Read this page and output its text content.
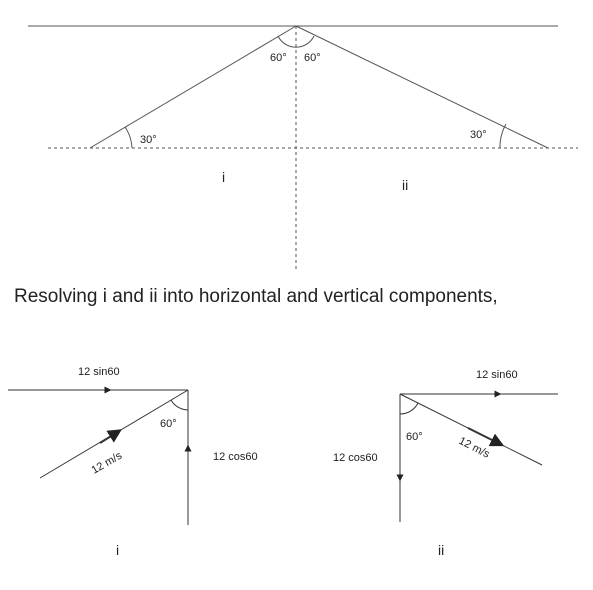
60° 60°
30°	30°
i	ii
Resolving i and ii into horizontal and vertical components,
12 sin60
60°
12 m/s	12 cos60
i
12 sin60
60°	12 m/s
12 cos60
ii
